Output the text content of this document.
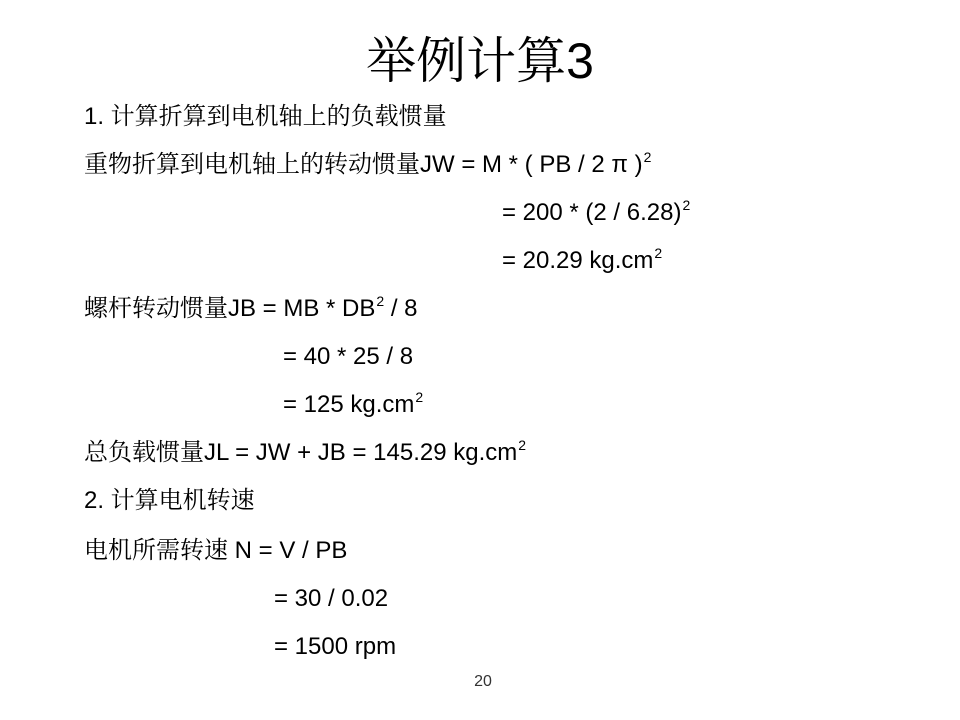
举例计算3
1. 计算折算到电机轴上的负载惯量
重物折算到电机轴上的转动惯量JW = M * ( PB / 2 π )$^2$
= 200 * (2 / 6.28)$^2$
= 20.29 $kg.cm^2$
螺杆转动惯量JB = MB * $DB^2 / 8$
= 40 * 25 / 8
= 125 $kg.cm^2$
总负载惯量JL = JW + JB = 145.29 $kg.cm^2$
2. 计算电机转速
电机所需转速 N = V / PB
= 30 / 0.02
= 1500 rpm
20
